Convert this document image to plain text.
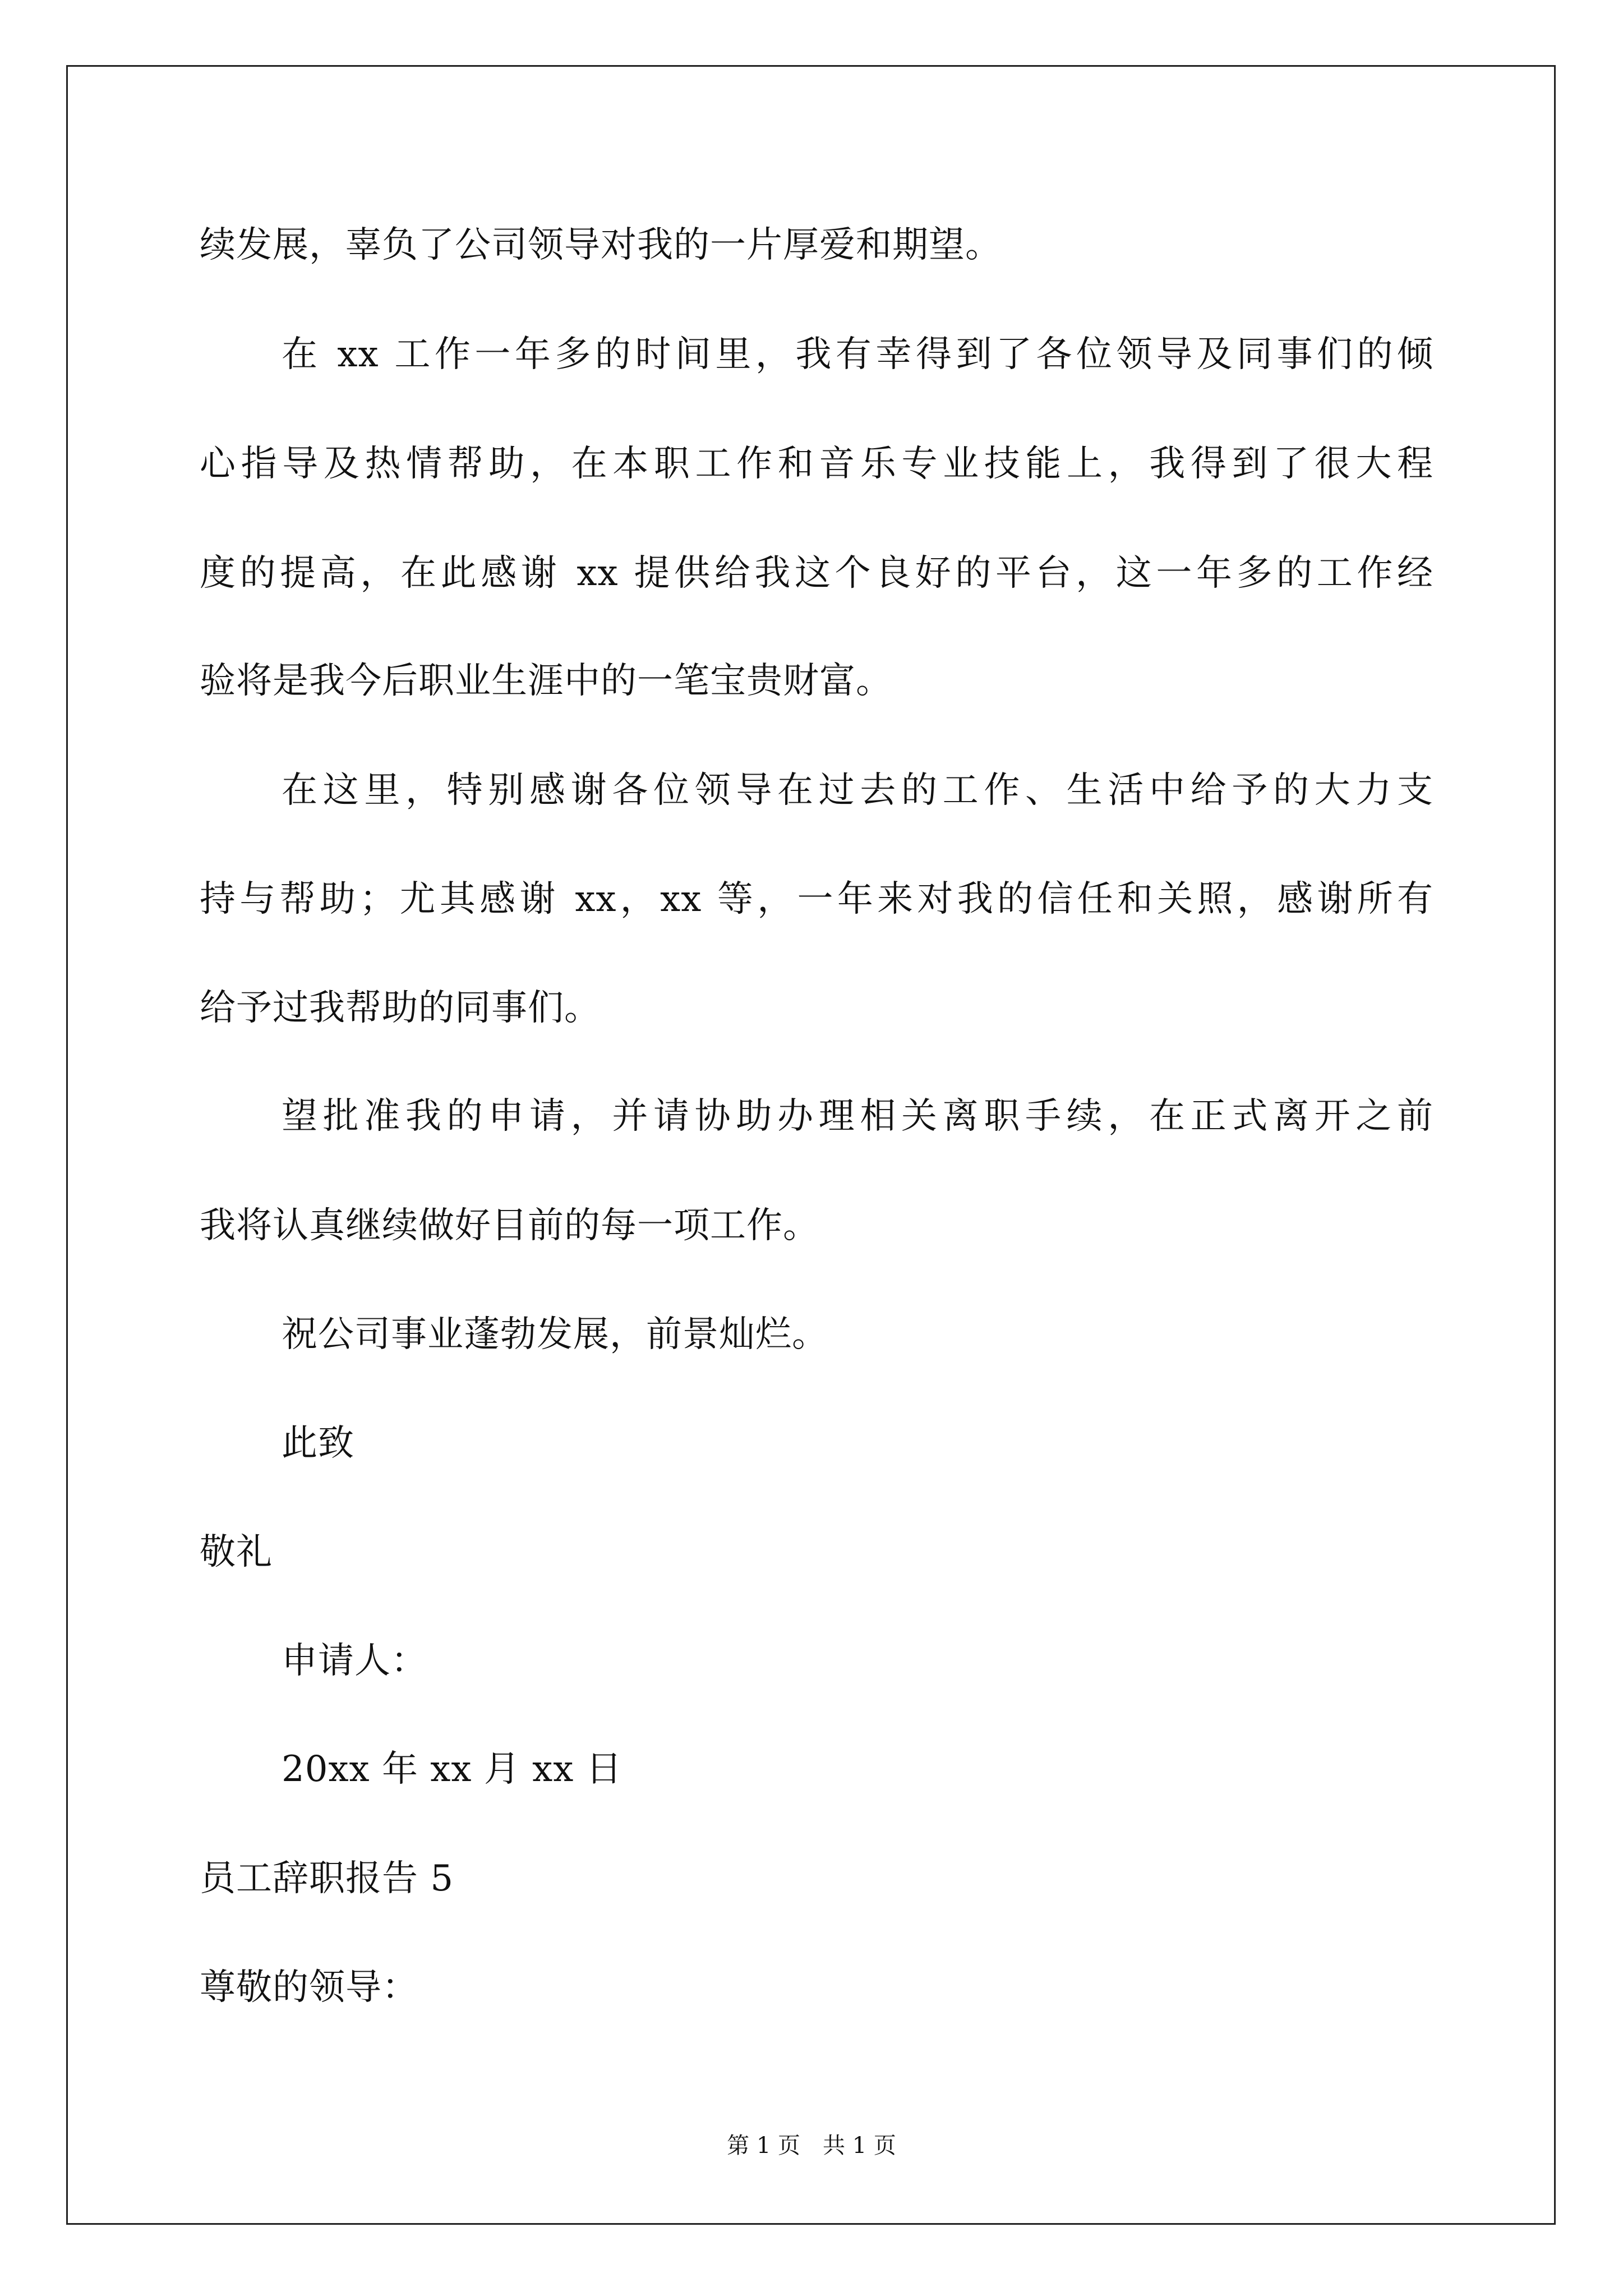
续发展，辜负了公司领导对我的一片厚爱和期望。
在 xx 工作一年多的时间里，我有幸得到了各位领导及同事们的倾
心指导及热情帮助，在本职工作和音乐专业技能上，我得到了很大程
度的提高，在此感谢 xx 提供给我这个良好的平台，这一年多的工作经
验将是我今后职业生涯中的一笔宝贵财富。
在这里，特别感谢各位领导在过去的工作、生活中给予的大力支
持与帮助；尤其感谢 xx，xx 等，一年来对我的信任和关照，感谢所有
给予过我帮助的同事们。
望批准我的申请，并请协助办理相关离职手续，在正式离开之前
我将认真继续做好目前的每一项工作。
祝公司事业蓬勃发展，前景灿烂。
此致
敬礼
申请人：
20xx 年 xx 月 xx 日
员工辞职报告 5
尊敬的领导：
第 1 页 共 1 页
